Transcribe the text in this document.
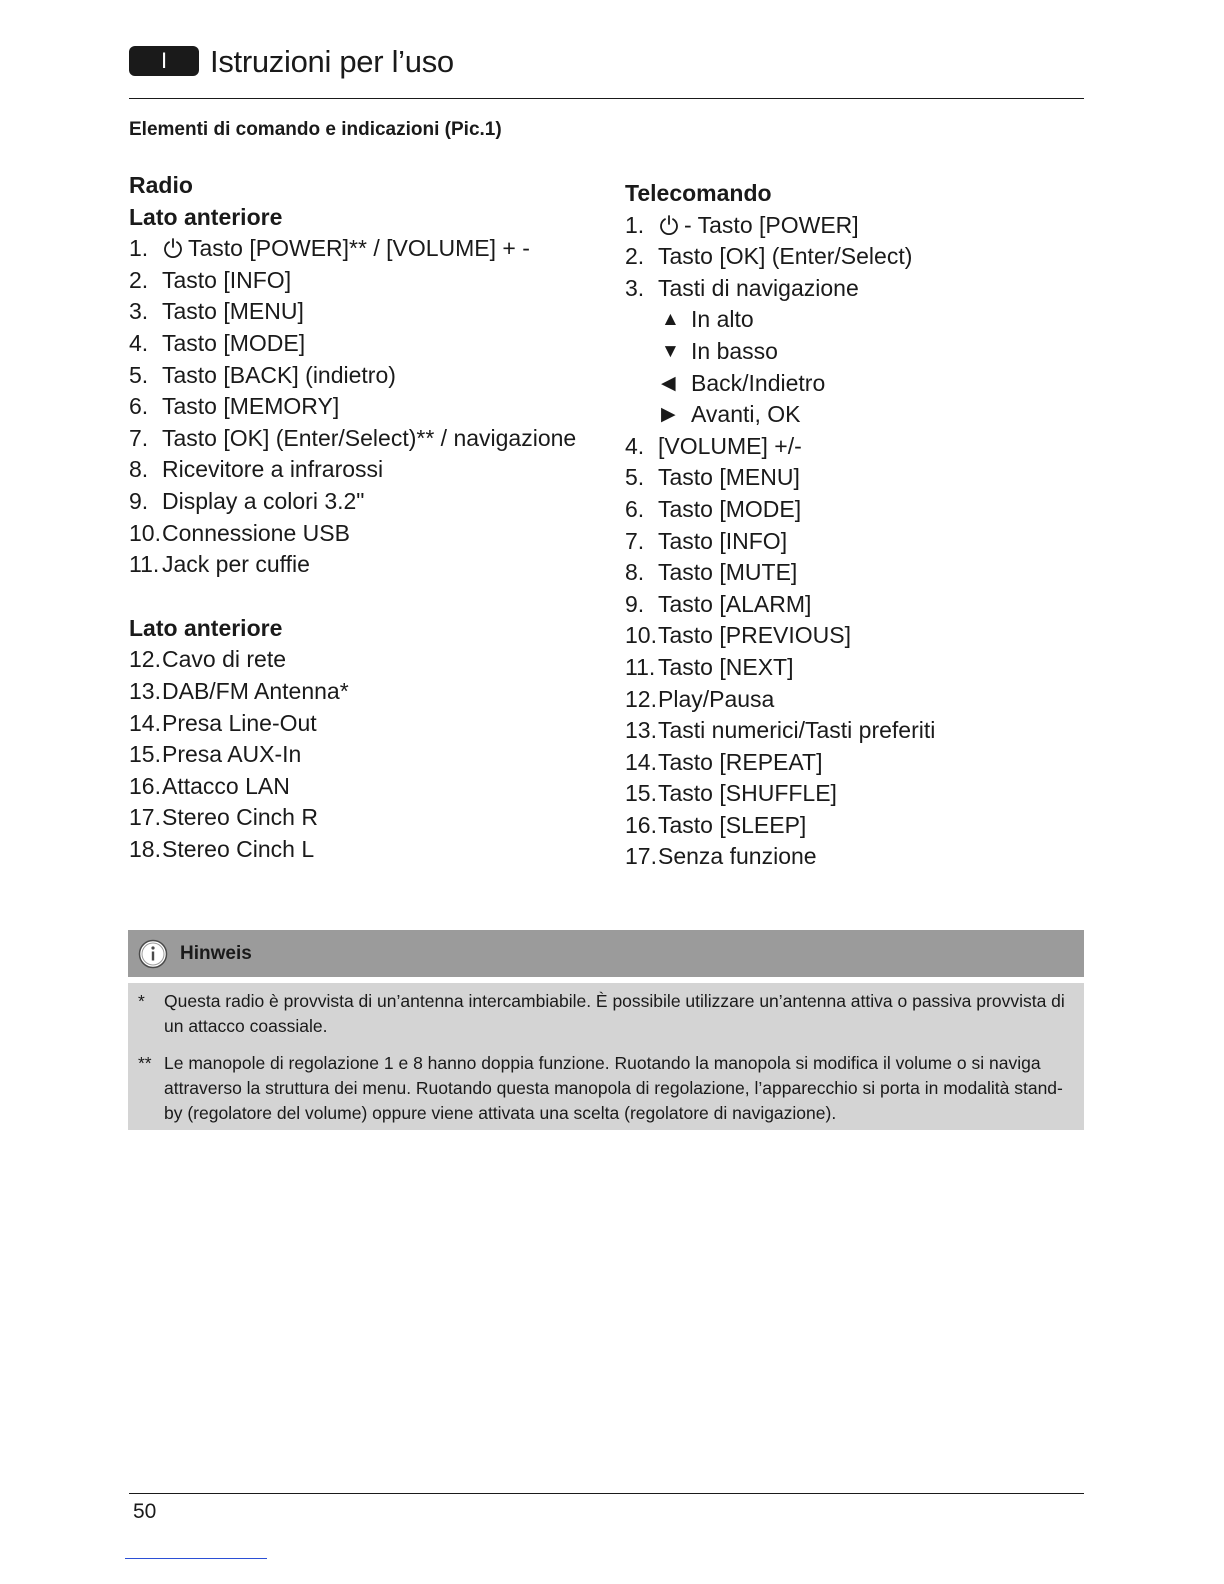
I	Istruzioni per l’uso
Elementi di comando e indicazioni (Pic.1)
Radio
Lato anteriore
1.	Tasto [POWER]** / [VOLUME] + -
2. Tasto [INFO]
3. Tasto [MENU]
4. Tasto [MODE]
5. Tasto [BACK] (indietro)
6. Tasto [MEMORY]
7. Tasto [OK] (Enter/Select)** / navigazione
8. Ricevitore a infrarossi
9. Display a colori 3.2"
10. Connessione USB
11. Jack per cuffie
Lato anteriore
12. Cavo di rete
13. DAB/FM Antenna*
14. Presa Line-Out
15. Presa AUX-In
16. Attacco LAN
17. Stereo Cinch R
18. Stereo Cinch L
Telecomando
1.	- Tasto [POWER]
2. Tasto [OK] (Enter/Select)
3. Tasti di navigazione
▲ In alto
▼ In basso
◀ Back/Indietro
▶ Avanti, OK
4. [VOLUME] +/-
5. Tasto [MENU]
6. Tasto [MODE]
7. Tasto [INFO]
8. Tasto [MUTE]
9. Tasto [ALARM]
10. Tasto [PREVIOUS]
11. Tasto [NEXT]
12. Play/Pausa
13. Tasti numerici/Tasti preferiti
14. Tasto [REPEAT]
15. Tasto [SHUFFLE]
16. Tasto [SLEEP]
17. Senza funzione
Hinweis
*	Questa radio è provvista di un’antenna intercambiabile. È possibile utilizzare un’antenna attiva o passiva provvista di un attacco coassiale.
** Le manopole di regolazione 1 e 8 hanno doppia funzione. Ruotando la manopola si modifica il volume o si naviga attraverso la struttura dei menu. Ruotando questa manopola di regolazione, l’apparecchio si porta in modalità stand-by (regolatore del volume) oppure viene attivata una scelta (regolatore di navigazione).
50
